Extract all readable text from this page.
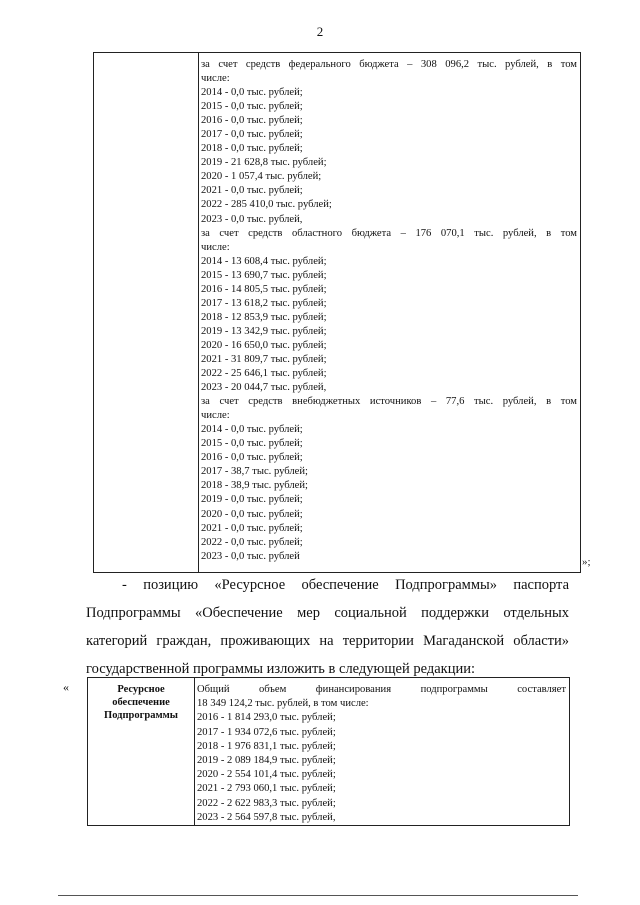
2
за счет средств федерального бюджета – 308 096,2 тыс. рублей, в том
числе:
2014 - 0,0 тыс. рублей;
2015 - 0,0 тыс. рублей;
2016 - 0,0 тыс. рублей;
2017 - 0,0 тыс. рублей;
2018 - 0,0 тыс. рублей;
2019 - 21 628,8 тыс. рублей;
2020 - 1 057,4 тыс. рублей;
2021 - 0,0 тыс. рублей;
2022 - 285 410,0 тыс. рублей;
2023 - 0,0 тыс. рублей,
за счет средств областного бюджета – 176 070,1 тыс. рублей, в том
числе:
2014 - 13 608,4 тыс. рублей;
2015 - 13 690,7 тыс. рублей;
2016 - 14 805,5 тыс. рублей;
2017 - 13 618,2 тыс. рублей;
2018 - 12 853,9 тыс. рублей;
2019 - 13 342,9 тыс. рублей;
2020 - 16 650,0 тыс. рублей;
2021 - 31 809,7 тыс. рублей;
2022 - 25 646,1 тыс. рублей;
2023 - 20 044,7 тыс. рублей,
за счет средств внебюджетных источников – 77,6 тыс. рублей, в том
числе:
2014 - 0,0 тыс. рублей;
2015 - 0,0 тыс. рублей;
2016 - 0,0 тыс. рублей;
2017 - 38,7 тыс. рублей;
2018 - 38,9 тыс. рублей;
2019 - 0,0 тыс. рублей;
2020 - 0,0 тыс. рублей;
2021 - 0,0 тыс. рублей;
2022 - 0,0 тыс. рублей;
2023 - 0,0 тыс. рублей	»;
- позицию «Ресурсное обеспечение Подпрограммы» паспорта
Подпрограммы «Обеспечение мер социальной поддержки отдельных
категорий граждан, проживающих на территории Магаданской области»
государственной программы изложить в следующей редакции:
«	Ресурсное
обеспечение
Подпрограммы
Общий объем финансирования подпрограммы составляет
18 349 124,2 тыс. рублей, в том числе:
2016 - 1 814 293,0 тыс. рублей;
2017 - 1 934 072,6 тыс. рублей;
2018 - 1 976 831,1 тыс. рублей;
2019 - 2 089 184,9 тыс. рублей;
2020 - 2 554 101,4 тыс. рублей;
2021 - 2 793 060,1 тыс. рублей;
2022 - 2 622 983,3 тыс. рублей;
2023 - 2 564 597,8 тыс. рублей,
